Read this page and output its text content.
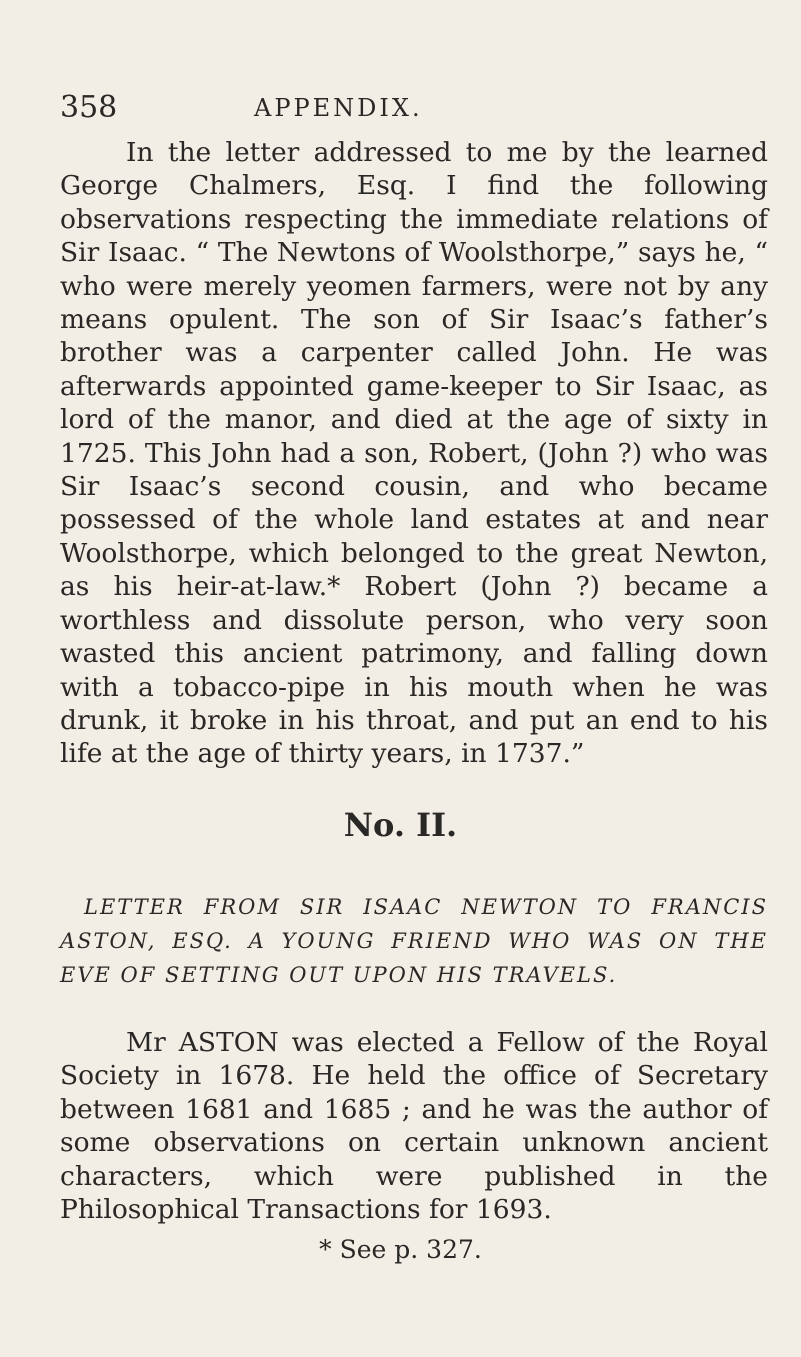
358	APPENDIX.

In the letter addressed to me by the learned George Chalmers, Esq. I find the following observations respecting the immediate relations of Sir Isaac. “ The Newtons of Woolsthorpe,” says he, “ who were merely yeomen farmers, were not by any means opulent. The son of Sir Isaac’s father’s brother was a carpenter called John. He was afterwards appointed game-keeper to Sir Isaac, as lord of the manor, and died at the age of sixty in 1725. This John had a son, Robert, (John ?) who was Sir Isaac’s second cousin, and who became possessed of the whole land estates at and near Woolsthorpe, which belonged to the great Newton, as his heir-at-law.* Robert (John ?) became a worthless and dissolute person, who very soon wasted this ancient patrimony, and falling down with a tobacco-pipe in his mouth when he was drunk, it broke in his throat, and put an end to his life at the age of thirty years, in 1737.”

No. II.

LETTER FROM SIR ISAAC NEWTON TO FRANCIS ASTON, ESQ. A YOUNG FRIEND WHO WAS ON THE EVE OF SETTING OUT UPON HIS TRAVELS.

Mr ASTON was elected a Fellow of the Royal Society in 1678. He held the office of Secretary between 1681 and 1685 ; and he was the author of some observations on certain unknown ancient characters, which were published in the Philosophical Transactions for 1693.

* See p. 327.
